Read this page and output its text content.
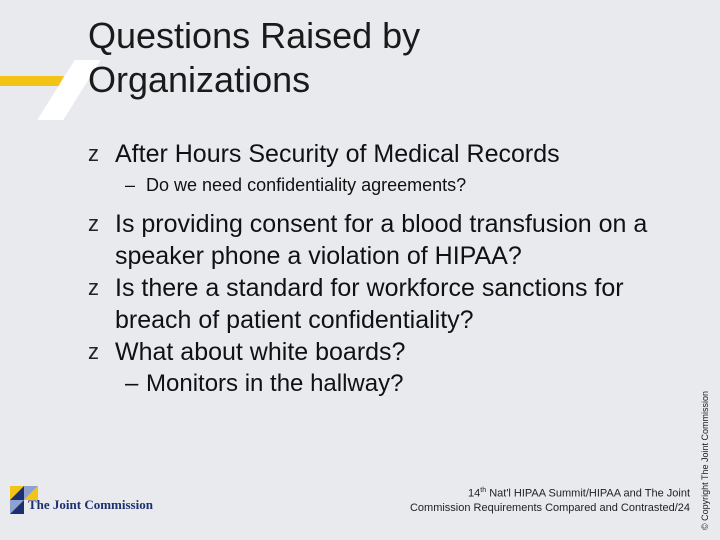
Questions Raised by
Organizations
z After Hours Security of Medical Records
– Do we need confidentiality agreements?
z Is providing consent for a blood transfusion on a speaker phone a violation of HIPAA?
z Is there a standard for workforce sanctions for breach of patient confidentiality?
z What about white boards?
– Monitors in the hallway?
The Joint Commission
14th Nat'l HIPAA Summit/HIPAA and The Joint
Commission Requirements Compared and Contrasted/24 © Copyright The Joint Commission
